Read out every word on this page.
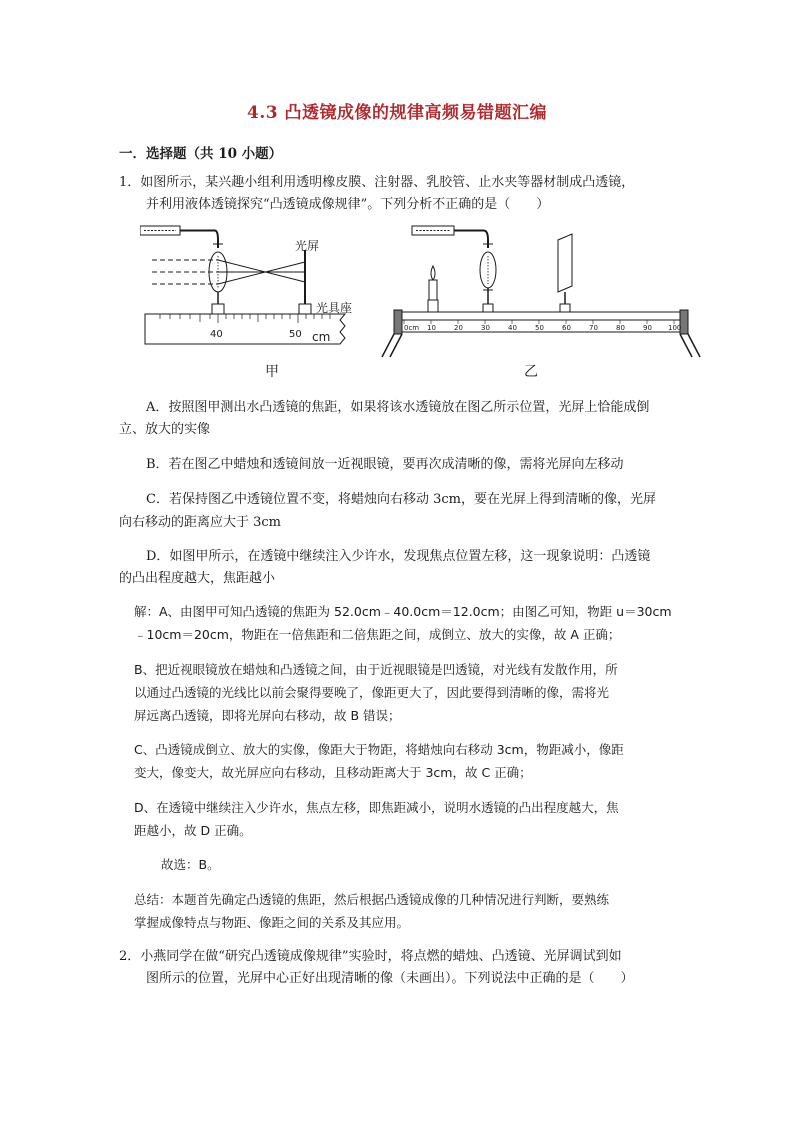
4.3 凸透镜成像的规律高频易错题汇编
一．选择题（共 10 小题）
1．如图所示，某兴趣小组利用透明橡皮膜、注射器、乳胶管、止水夹等器材制成凸透镜，
并利用液体透镜探究“凸透镜成像规律”。下列分析不正确的是（　　）
光屏
光具座
40	50 cm
0cm 10	20	30	40	50	60	70	80	90 100
甲	乙
A．按照图甲测出水凸透镜的焦距，如果将该水透镜放在图乙所示位置，光屏上恰能成倒
立、放大的实像
B．若在图乙中蜡烛和透镜间放一近视眼镜，要再次成清晰的像，需将光屏向左移动
C．若保持图乙中透镜位置不变，将蜡烛向右移动 3cm，要在光屏上得到清晰的像，光屏
向右移动的距离应大于 3cm
D．如图甲所示，在透镜中继续注入少许水，发现焦点位置左移，这一现象说明：凸透镜
的凸出程度越大，焦距越小
解：A、由图甲可知凸透镜的焦距为 52.0cm﹣40.0cm＝12.0cm；由图乙可知，物距 u＝30cm
﹣10cm＝20cm，物距在一倍焦距和二倍焦距之间，成倒立、放大的实像，故 A 正确；
B、把近视眼镜放在蜡烛和凸透镜之间，由于近视眼镜是凹透镜，对光线有发散作用，所
以通过凸透镜的光线比以前会聚得要晚了，像距更大了，因此要得到清晰的像，需将光
屏远离凸透镜，即将光屏向右移动，故 B 错误；
C、凸透镜成倒立、放大的实像，像距大于物距，将蜡烛向右移动 3cm，物距减小，像距
变大，像变大，故光屏应向右移动，且移动距离大于 3cm，故 C 正确；
D、在透镜中继续注入少许水，焦点左移，即焦距减小，说明水透镜的凸出程度越大，焦
距越小，故 D 正确。
故选：B。
总结：本题首先确定凸透镜的焦距，然后根据凸透镜成像的几种情况进行判断，要熟练
掌握成像特点与物距、像距之间的关系及其应用。
2．小燕同学在做“研究凸透镜成像规律”实验时，将点燃的蜡烛、凸透镜、光屏调试到如
图所示的位置，光屏中心正好出现清晰的像（未画出）。下列说法中正确的是（　　）
